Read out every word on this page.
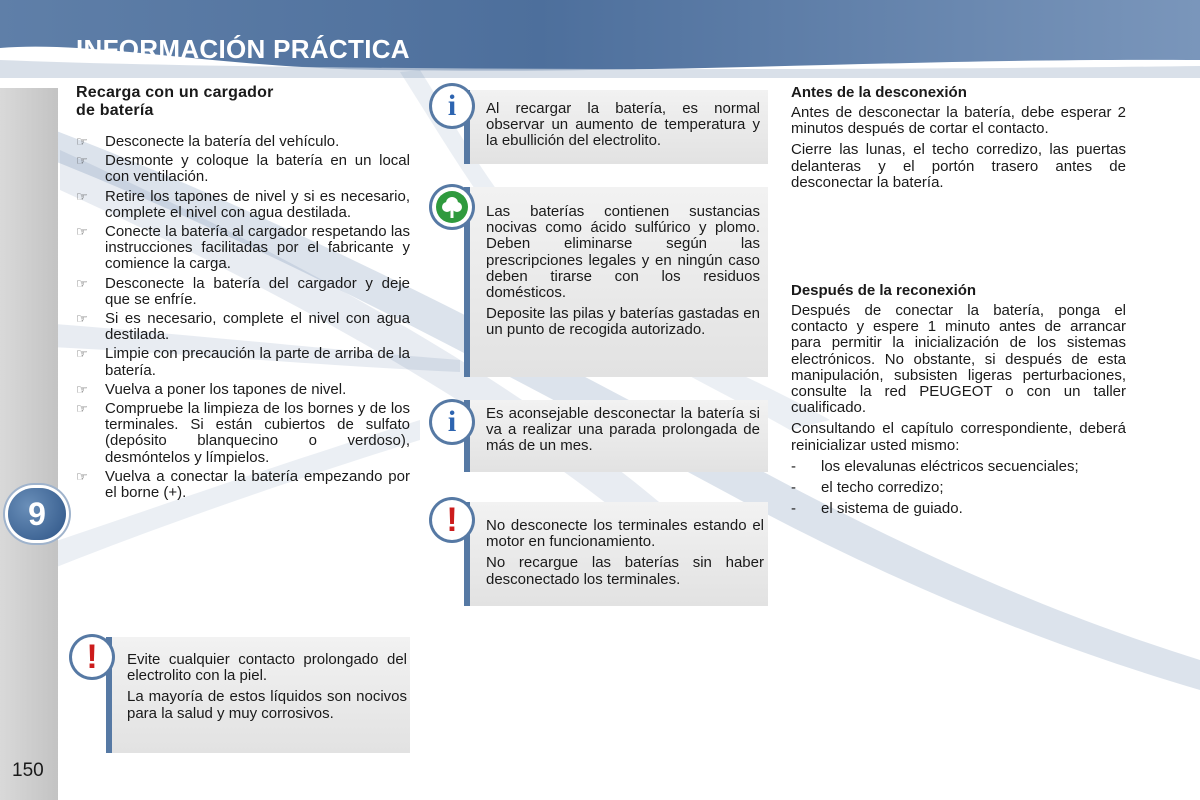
INFORMACIÓN PRÁCTICA
9
150
Recarga con un cargador
de batería
☞ Desconecte la batería del vehículo.
☞ Desmonte y coloque la batería en un local con ventilación.
☞ Retire los tapones de nivel y si es necesario, complete el nivel con agua destilada.
☞ Conecte la batería al cargador respetando las instrucciones facilitadas por el fabricante y comience la carga.
☞ Desconecte la batería del cargador y deje que se enfríe.
☞ Si es necesario, complete el nivel con agua destilada.
☞ Limpie con precaución la parte de arriba de la batería.
☞ Vuelva a poner los tapones de nivel.
☞ Compruebe la limpieza de los bornes y de los terminales. Si están cubiertos de sulfato (depósito blanquecino o verdoso), desmóntelos y límpielos.
☞ Vuelva a conectar la batería empezando por el borne (+).
Al recargar la batería, es normal observar un aumento de temperatura y la ebullición del electrolito.
i

Las baterías contienen sustancias nocivas como ácido sulfúrico y plomo. Deben eliminarse según las prescripciones legales y en ningún caso deben tirarse con los residuos domésticos.

Deposite las pilas y baterías gastadas en un punto de recogida autorizado.

Es aconsejable desconectar la batería si va a realizar una parada prolongada de más de un mes.
i

No desconecte los terminales estando el motor en funcionamiento.

No recargue las baterías sin haber desconectado los terminales.

!

Evite cualquier contacto prolongado del electrolito con la piel.

La mayoría de estos líquidos son nocivos para la salud y muy corrosivos.

!
Antes de la desconexión
Antes de desconectar la batería, debe esperar 2 minutos después de cortar el contacto.
Cierre las lunas, el techo corredizo, las puertas delanteras y el portón trasero antes de desconectar la batería.
Después de la reconexión
Después de conectar la batería, ponga el contacto y espere 1 minuto antes de arrancar para permitir la inicialización de los sistemas electrónicos. No obstante, si después de esta manipulación, subsisten ligeras perturbaciones, consulte la red PEUGEOT o con un taller cualificado.
Consultando el capítulo correspondiente, deberá reinicializar usted mismo:
- los elevalunas eléctricos secuenciales;
- el techo corredizo;
- el sistema de guiado.
